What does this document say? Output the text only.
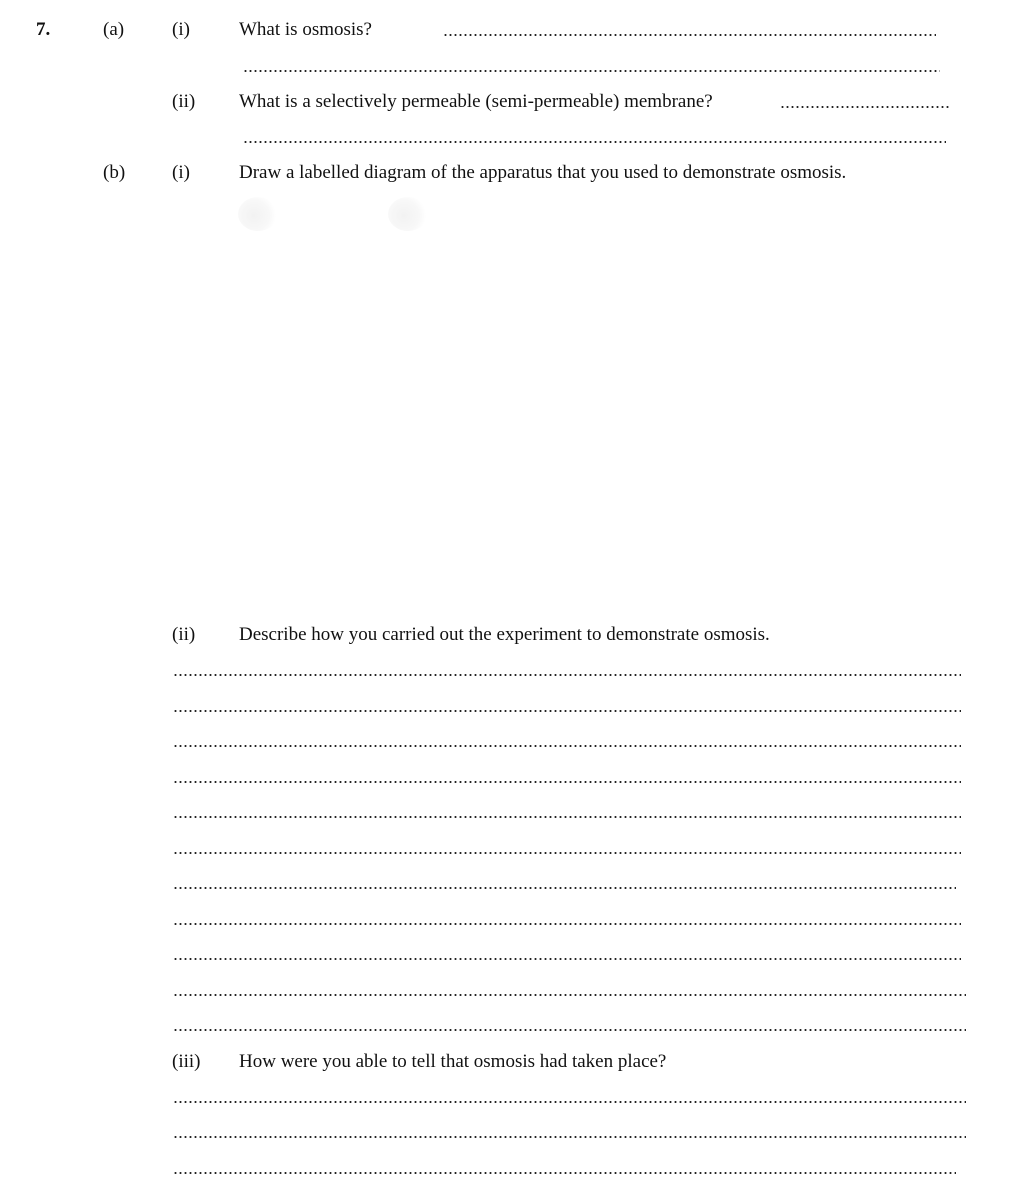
7.	(a)	(i)	What is osmosis?
(ii) What is a selectively permeable (semi-permeable) membrane?
(b) (i)	Draw a labelled diagram of the apparatus that you used to demonstrate osmosis.
(ii) Describe how you carried out the experiment to demonstrate osmosis.
(iii) How were you able to tell that osmosis had taken place?
